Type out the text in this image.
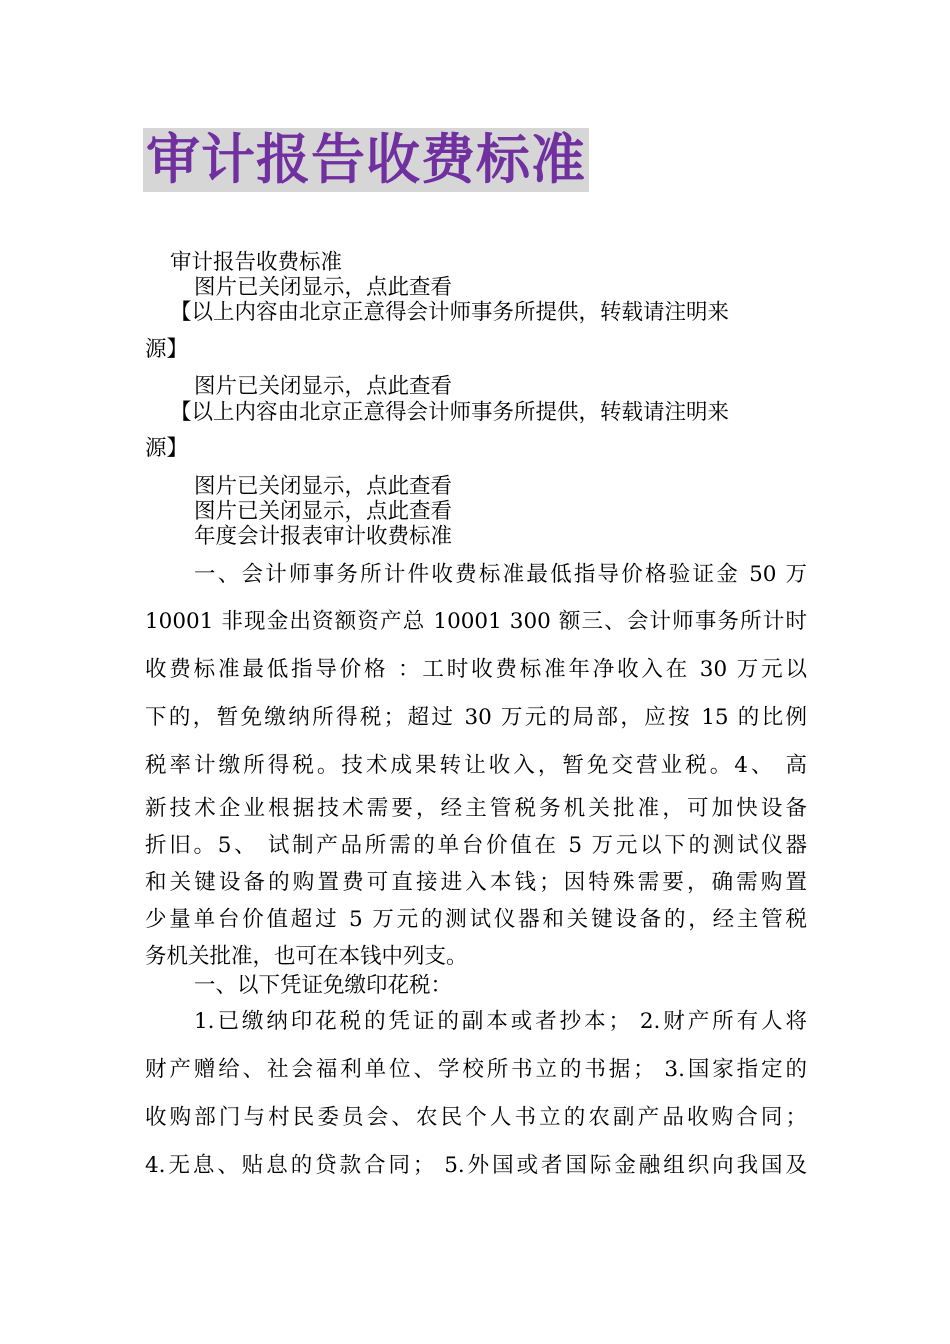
审计报告收费标准
审计报告收费标准
图片已关闭显示，点此查看
【以上内容由北京正意得会计师事务所提供，转载请注明来
源】
图片已关闭显示，点此查看
【以上内容由北京正意得会计师事务所提供，转载请注明来
源】
图片已关闭显示，点此查看
图片已关闭显示，点此查看
年度会计报表审计收费标准
一、会计师事务所计件收费标准最低指导价格验证金 50 万
10001 非现金出资额资产总 10001 300 额三、会计师事务所计时
收费标准最低指导价格 ：工时收费标准年净收入在 30 万元以
下的，暂免缴纳所得税；超过 30 万元的局部，应按 15 的比例
税率计缴所得税。技术成果转让收入，暂免交营业税。4、 高
新技术企业根据技术需要，经主管税务机关批准，可加快设备
折旧。5、 试制产品所需的单台价值在 5 万元以下的测试仪器
和关键设备的购置费可直接进入本钱；因特殊需要，确需购置
少量单台价值超过 5 万元的测试仪器和关键设备的，经主管税
务机关批准，也可在本钱中列支。
一、以下凭证免缴印花税：
1.已缴纳印花税的凭证的副本或者抄本； 2.财产所有人将
财产赠给、社会福利单位、学校所书立的书据； 3.国家指定的
收购部门与村民委员会、农民个人书立的农副产品收购合同；
4.无息、贴息的贷款合同； 5.外国或者国际金融组织向我国及
